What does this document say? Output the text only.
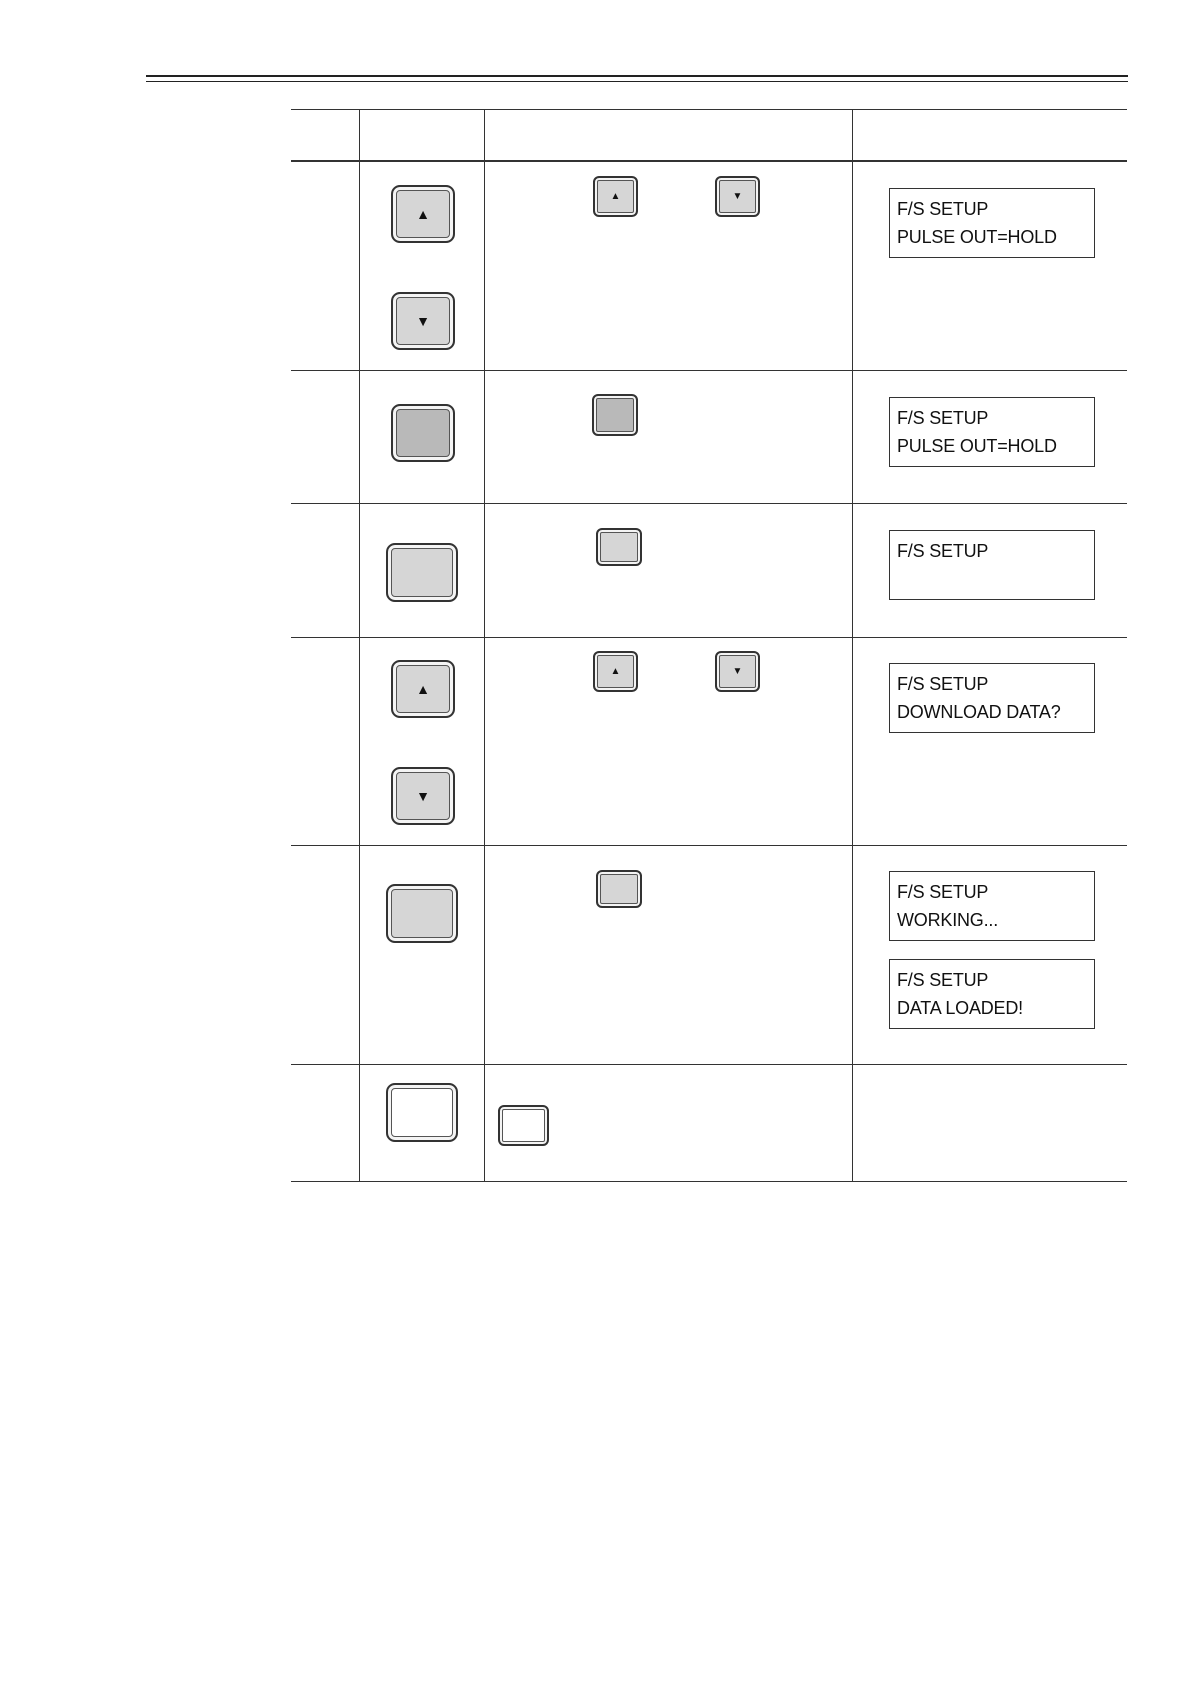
▲
▼
▲	▼
F/S SETUP
PULSE OUT=HOLD
F/S SETUP
PULSE OUT=HOLD
F/S SETUP
▲
▼
▲	▼
F/S SETUP
DOWNLOAD DATA?
F/S SETUP
WORKING...
F/S SETUP
DATA LOADED!
